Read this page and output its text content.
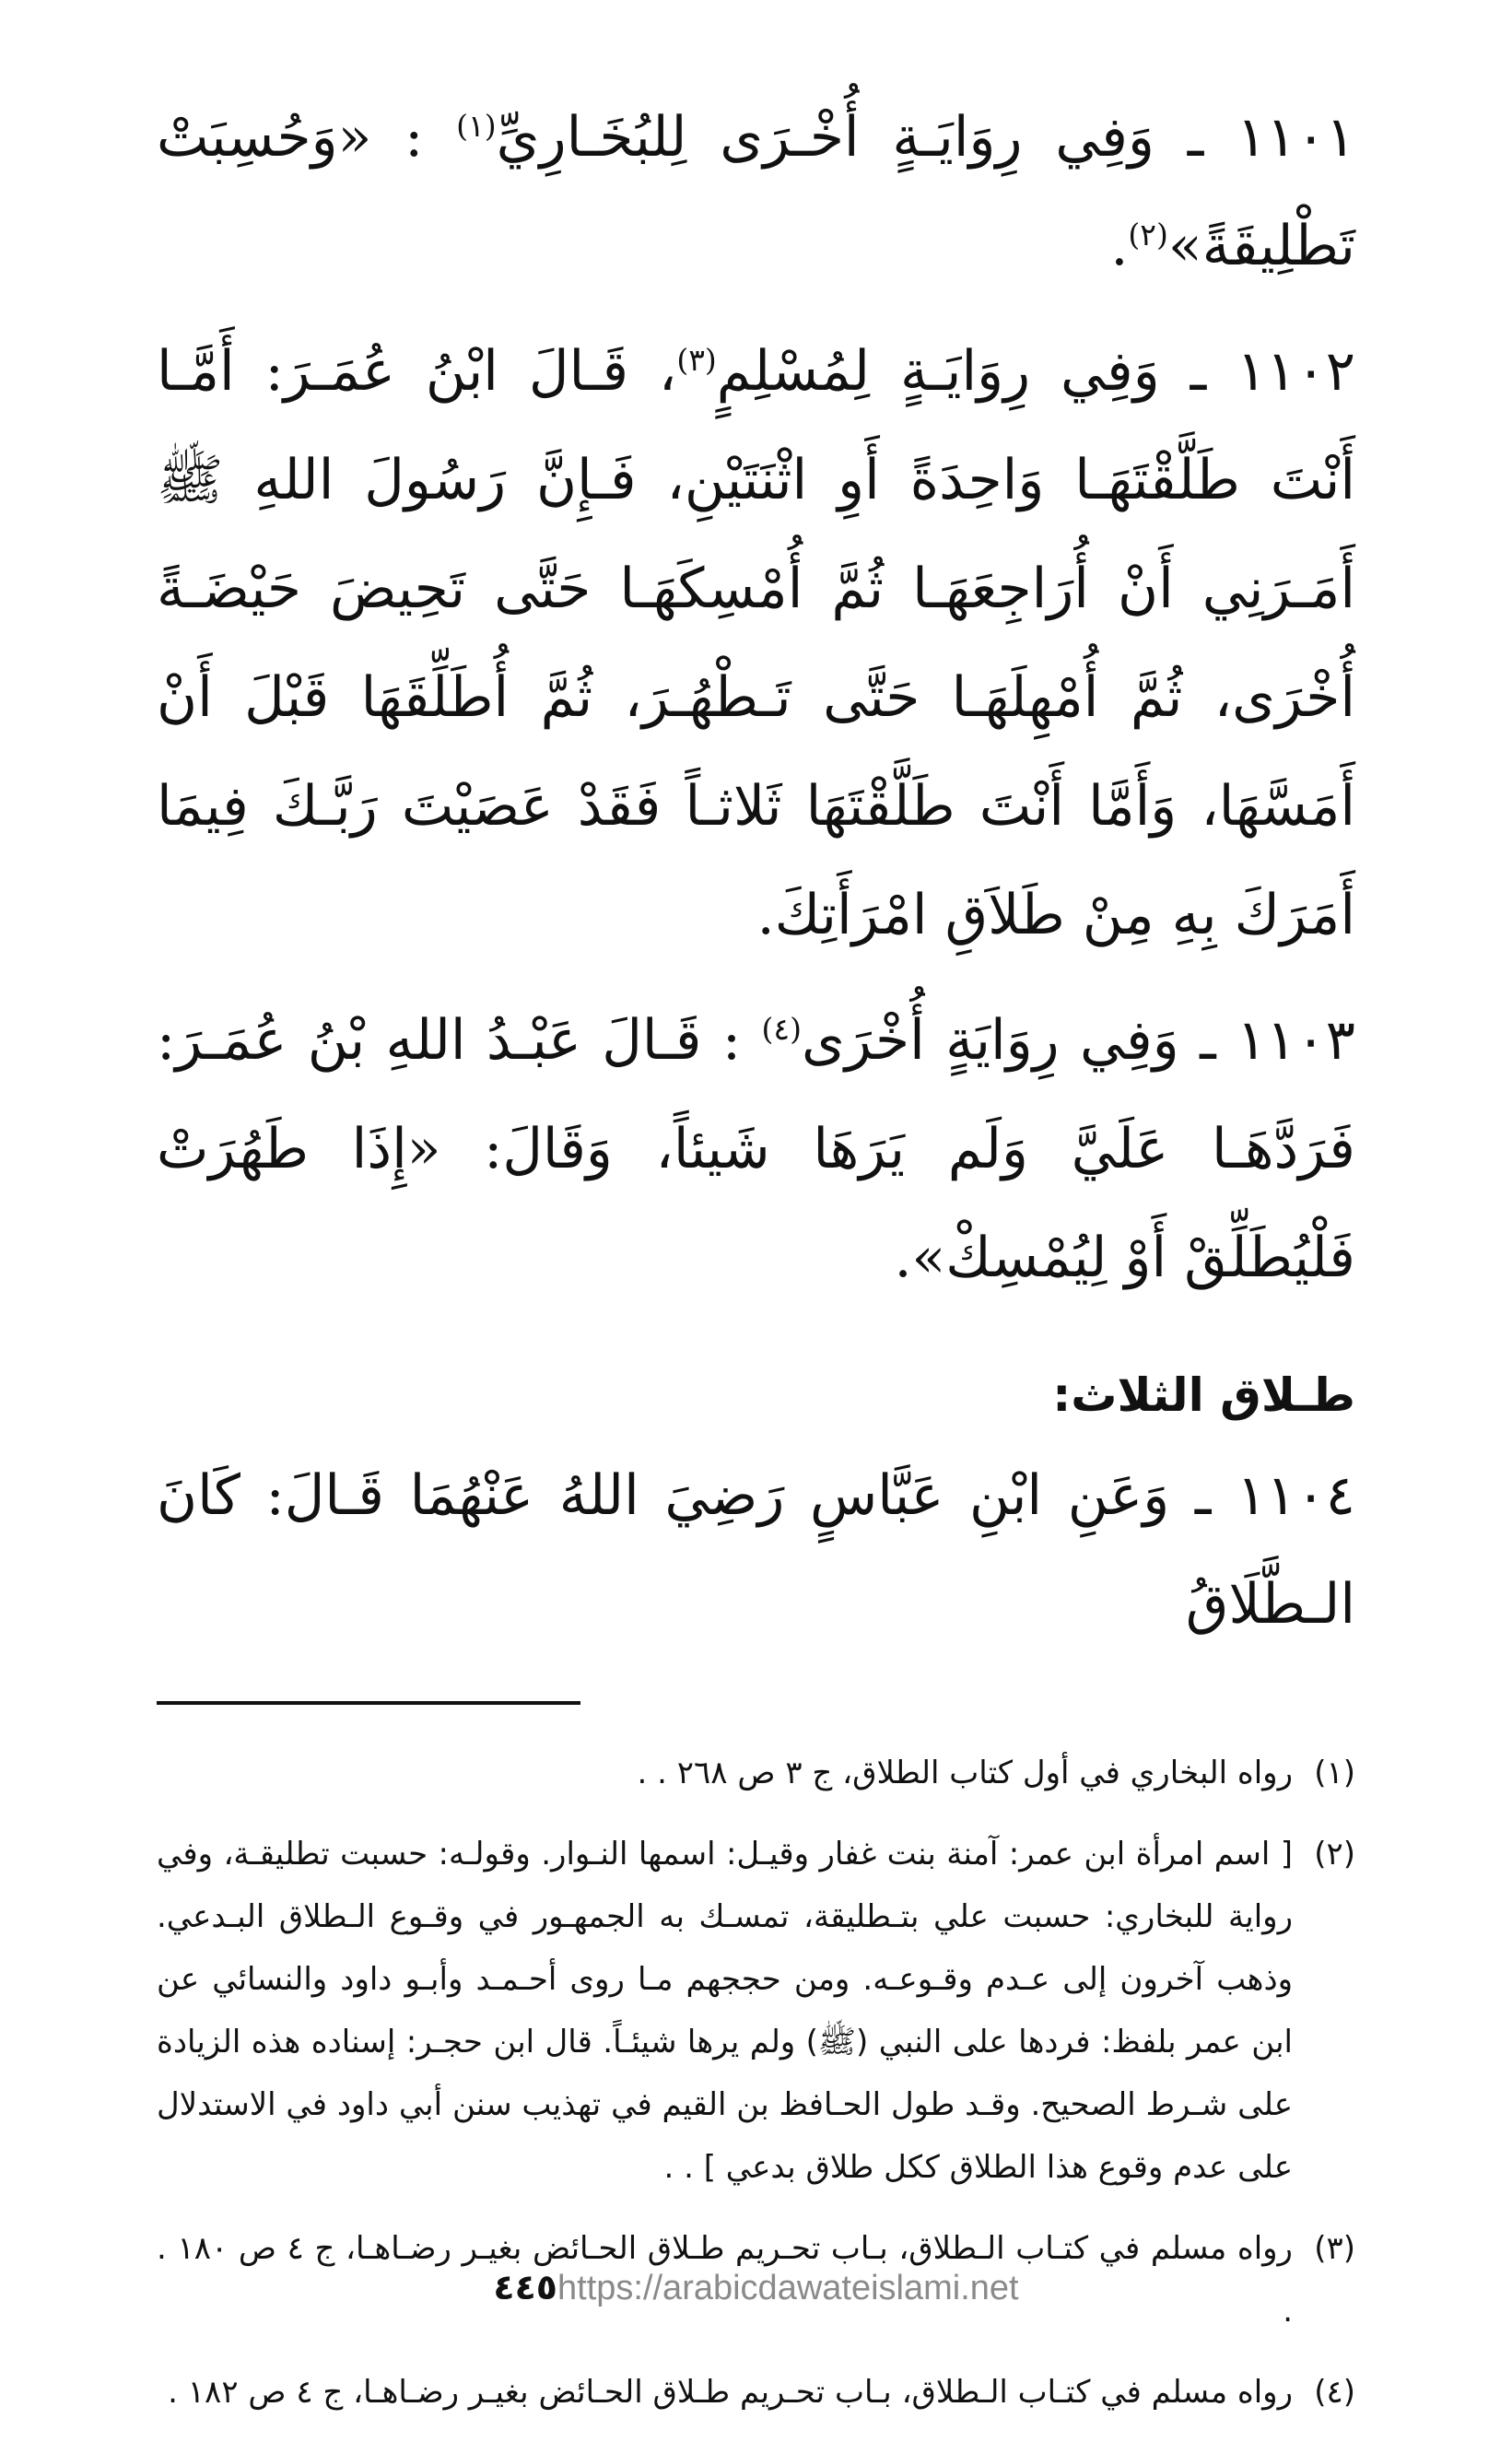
١١٠١ ـ وَفِي رِوَايَـةٍ أُخْـرَى لِلبُخَـارِيِّ$^{(١)}$ : «وَحُسِبَتْ تَطْلِيقَةً»$^{(٢)}$.

١١٠٢ ـ وَفِي رِوَايَـةٍ لِمُسْلِمٍ$^{(٣)}$، قَـالَ ابْنُ عُمَـرَ: أَمَّـا أَنْتَ طَلَّقْتَهَـا وَاحِدَةً أَوِ اثْنَتَيْنِ، فَـإِنَّ رَسُولَ اللهِ ﷺ أَمَـرَنِي أَنْ أُرَاجِعَهَـا ثُمَّ أُمْسِكَهَـا حَتَّى تَحِيضَ حَيْضَـةً أُخْرَى، ثُمَّ أُمْهِلَهَـا حَتَّى تَـطْهُـرَ، ثُمَّ أُطَلِّقَهَا قَبْلَ أَنْ أَمَسَّهَا، وَأَمَّا أَنْتَ طَلَّقْتَهَا ثَلاثـاً فَقَدْ عَصَيْتَ رَبَّـكَ فِيمَا أَمَرَكَ بِهِ مِنْ طَلاَقِ امْرَأَتِكَ.

١١٠٣ ـ وَفِي رِوَايَةٍ أُخْرَى$^{(٤)}$ : قَـالَ عَبْـدُ اللهِ بْنُ عُمَـرَ: فَرَدَّهَـا عَلَيَّ وَلَم يَرَهَا شَيئاً، وَقَالَ: «إِذَا طَهُرَتْ فَلْيُطَلِّقْ أَوْ لِيُمْسِكْ».

طـلاق الثلاث:

١١٠٤ ـ وَعَنِ ابْنِ عَبَّاسٍ رَضِيَ اللهُ عَنْهُمَا قَـالَ: كَانَ الـطَّلَاقُ

(١)
رواه البخاري في أول كتاب الطلاق، ج ٣ ص ٢٦٨ . .
(٢)
[ اسم امرأة ابن عمر: آمنة بنت غفار وقيـل: اسمها النـوار. وقولـه: حسبت تطليقـة، وفي رواية للبخاري: حسبت علي بتـطليقة، تمسـك به الجمهـور في وقـوع الـطلاق البـدعي. وذهب آخرون إلى عـدم وقـوعـه. ومن حججهم مـا روى أحـمـد وأبـو داود والنسائي عن ابن عمر بلفظ: فردها على النبي (ﷺ) ولم يرها شيئـاً. قال ابن حجـر: إسناده هذه الزيادة على شـرط الصحيح. وقـد طول الحـافظ بن القيم في تهذيب سنن أبي داود في الاستدلال على عدم وقوع هذا الطلاق ككل طلاق بدعي ] . .
(٣)
رواه مسلم في كتـاب الـطلاق، بـاب تحـريم طـلاق الحـائض بغيـر رضـاهـا، ج ٤ ص ١٨٠ . .
(٤)
رواه مسلم في كتـاب الـطلاق، بـاب تحـريم طـلاق الحـائض بغيـر رضـاهـا، ج ٤ ص ١٨٢ .
٤٤٥https://arabicdawateislami.net
